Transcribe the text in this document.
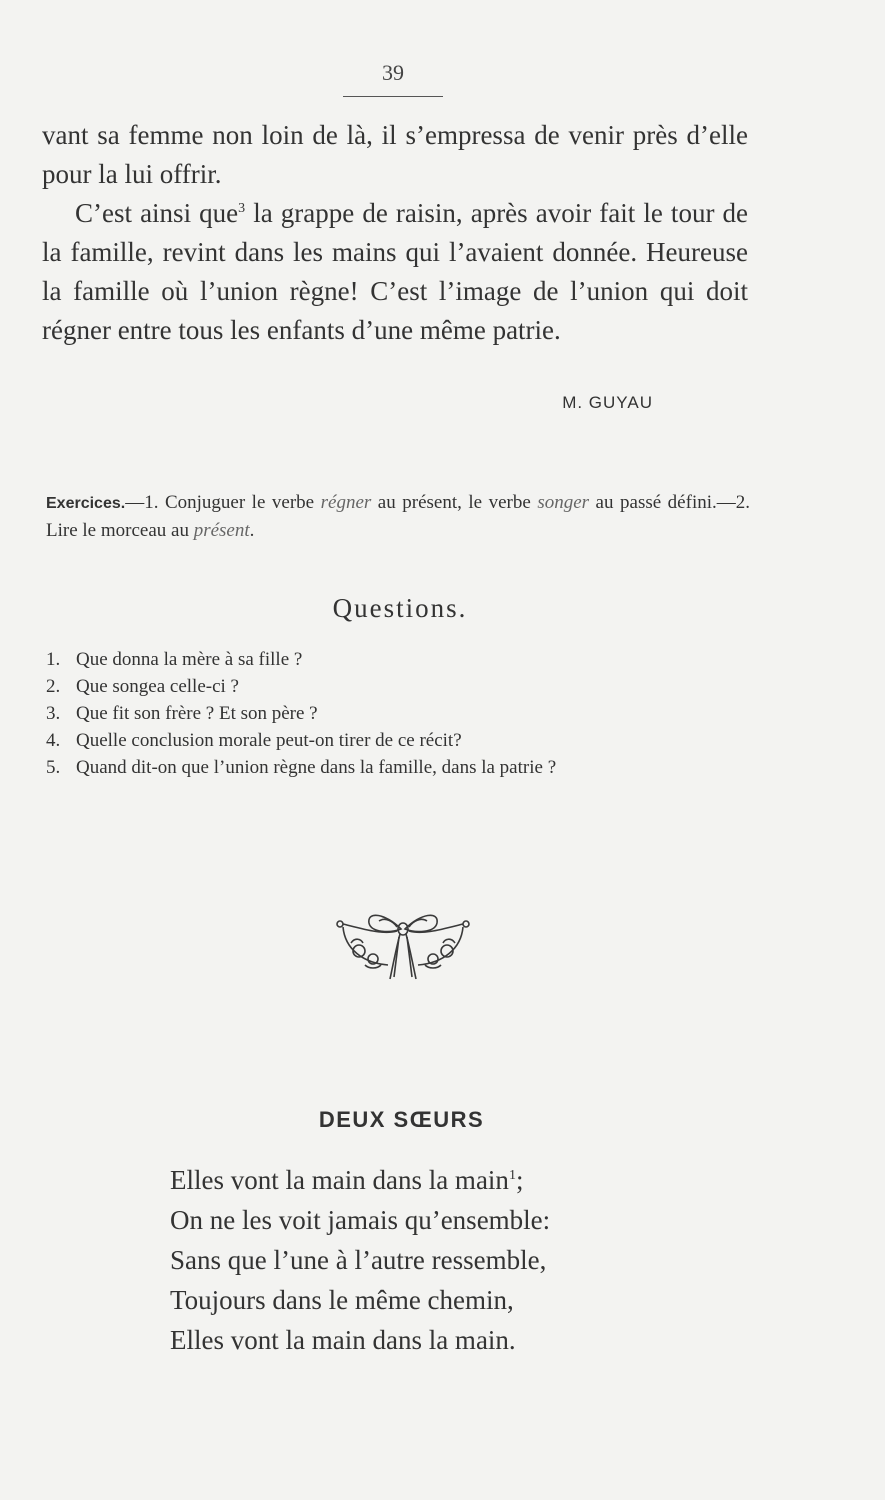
39

vant sa femme non loin de là, il s’empressa de venir près d’elle pour la lui offrir.

C’est ainsi que$^3$ la grappe de raisin, après avoir fait le tour de la famille, revint dans les mains qui l’avaient donnée. Heureuse la famille où l’union règne! C’est l’image de l’union qui doit régner entre tous les enfants d’une même patrie.

M. GUYAU
Exercices.—1. Conjuguer le verbe régner au présent, le verbe songer au passé défini.—2. Lire le morceau au présent.
Questions.
1. Que donna la mère à sa fille ?
2. Que songea celle-ci ?
3. Que fit son frère ? Et son père ?
4. Quelle conclusion morale peut-on tirer de ce récit?
5. Quand dit-on que l’union règne dans la famille, dans la patrie ?
DEUX SŒURS
Elles vont la main dans la main$^1$;
On ne les voit jamais qu’ensemble:
Sans que l’une à l’autre ressemble,
Toujours dans le même chemin,
Elles vont la main dans la main.
